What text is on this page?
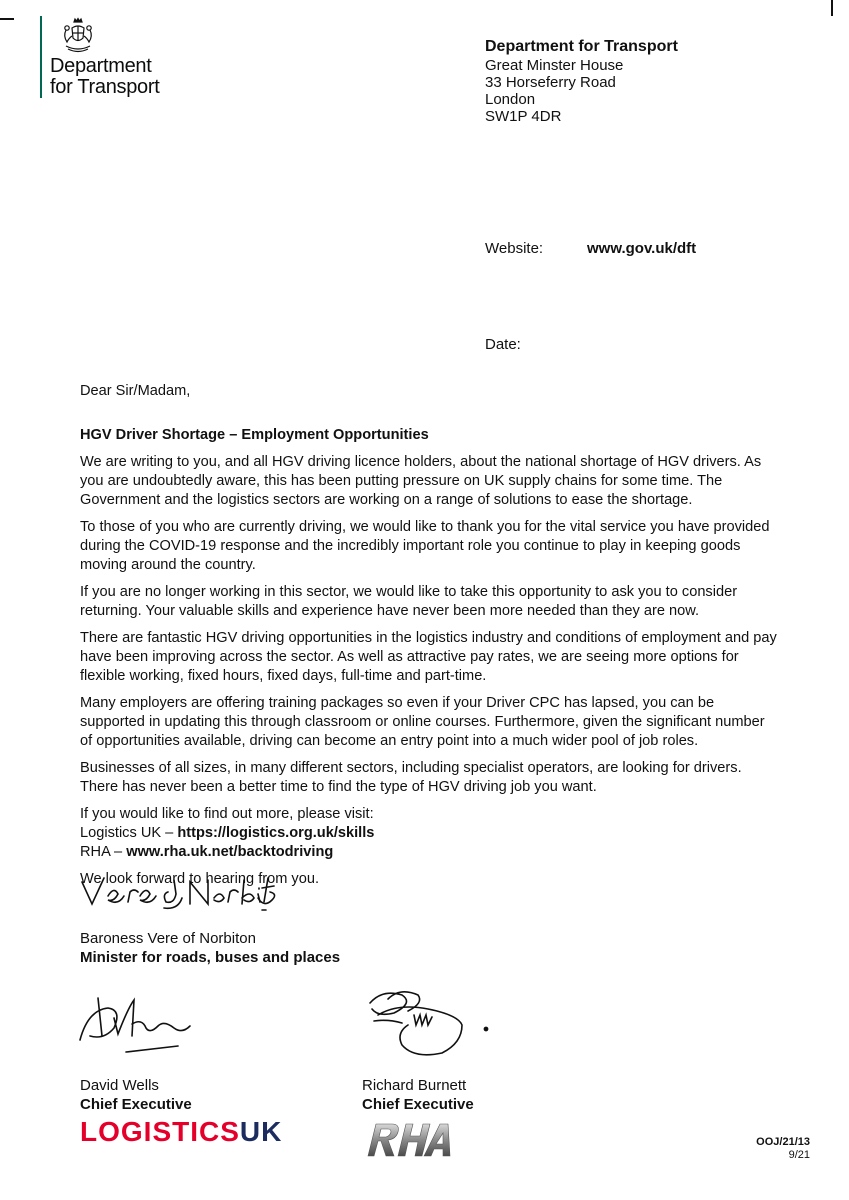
Department
for Transport
Department for Transport
Great Minster House
33 Horseferry Road
London
SW1P 4DR
Website:	www.gov.uk/dft
Date:

Dear Sir/Madam,

HGV Driver Shortage – Employment Opportunities

We are writing to you, and all HGV driving licence holders, about the national shortage of HGV drivers. As you are undoubtedly aware, this has been putting pressure on UK supply chains for some time. The Government and the logistics sectors are working on a range of solutions to ease the shortage.

To those of you who are currently driving, we would like to thank you for the vital service you have provided during the COVID-19 response and the incredibly important role you continue to play in keeping goods moving around the country.

If you are no longer working in this sector, we would like to take this opportunity to ask you to consider returning. Your valuable skills and experience have never been more needed than they are now.

There are fantastic HGV driving opportunities in the logistics industry and conditions of employment and pay have been improving across the sector. As well as attractive pay rates, we are seeing more options for flexible working, fixed hours, fixed days, full-time and part-time.

Many employers are offering training packages so even if your Driver CPC has lapsed, you can be supported in updating this through classroom or online courses. Furthermore, given the significant number of opportunities available, driving can become an entry point into a much wider pool of job roles.

Businesses of all sizes, in many different sectors, including specialist operators, are looking for drivers. There has never been a better time to find the type of HGV driving job you want.

If you would like to find out more, please visit:
Logistics UK – https://logistics.org.uk/skills
RHA – www.rha.uk.net/backtodriving

We look forward to hearing from you.

Baroness Vere of Norbiton
Minister for roads, buses and places
David Wells
Chief Executive
Richard Burnett
Chief Executive
LOGISTICSUK	OOJ/21/13
9/21
